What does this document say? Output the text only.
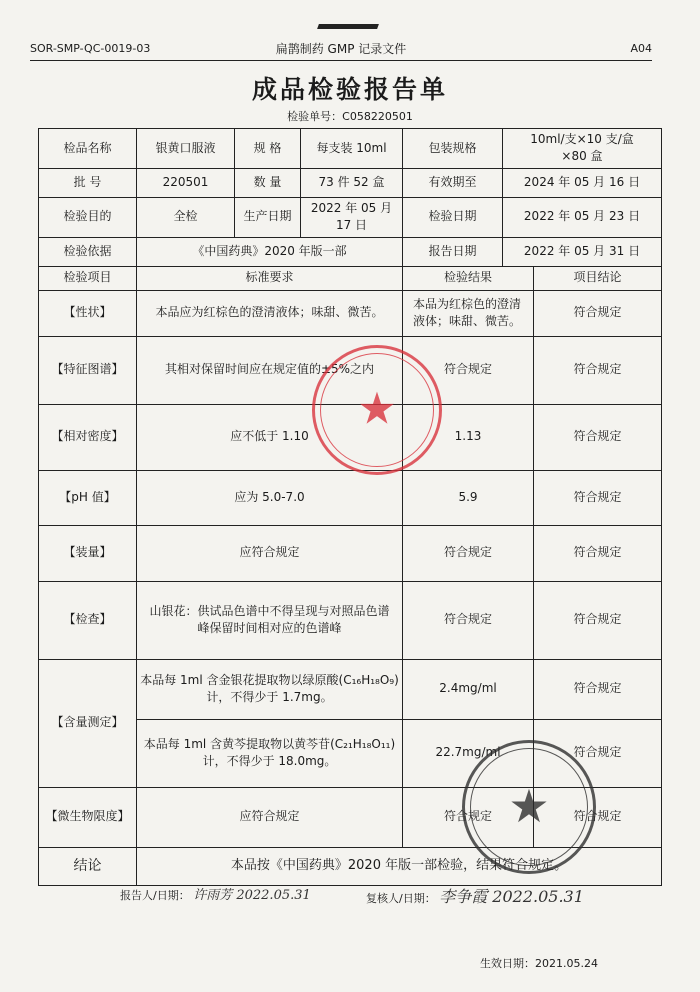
SOR-SMP-QC-0019-03	扁鹊制药 GMP 记录文件	A04
成品检验报告单
检验单号：C058220501
检品名称	银黄口服液	规 格	每支装 10ml	包装规格	10ml/支×10 支/盒
×80 盒	

批 号	220501	数 量	73 件 52 盒	有效期至	2024 年 05 月 16 日	
检验目的	全检	生产日期	2022 年 05 月 17 日	检验日期	2022 年 05 月 23 日	
检验依据	《中国药典》2020 年版一部			报告日期	2022 年 05 月 31 日	
检验项目	标准要求			检验结果		项目结论
【性状】	本品应为红棕色的澄清液体；味甜、微苦。			本品为红棕色的澄清液体；味甜、微苦。		符合规定
【特征图谱】	其相对保留时间应在规定值的±5%之内			符合规定		符合规定
【相对密度】	应不低于 1.10			1.13		符合规定
【pH 值】	应为 5.0-7.0			5.9		符合规定
【装量】	应符合规定			符合规定		符合规定
【检查】	山银花：供试品色谱中不得呈现与对照品色谱峰保留时间相对应的色谱峰			符合规定		符合规定
【含量测定】	本品每 1ml 含金银花提取物以绿原酸(C₁₆H₁₈O₉)计，不得少于 1.7mg。			2.4mg/ml		符合规定
	本品每 1ml 含黄芩提取物以黄芩苷(C₂₁H₁₈O₁₁)计，不得少于 18.0mg。			22.7mg/ml		符合规定
【微生物限度】	应符合规定			符合规定		符合规定
结论	本品按《中国药典》2020 年版一部检验，结果符合规定。					
★
★
报告人/日期： 许雨芳 2022.05.31	复核人/日期： 李争霞 2022.05.31
生效日期：2021.05.24
